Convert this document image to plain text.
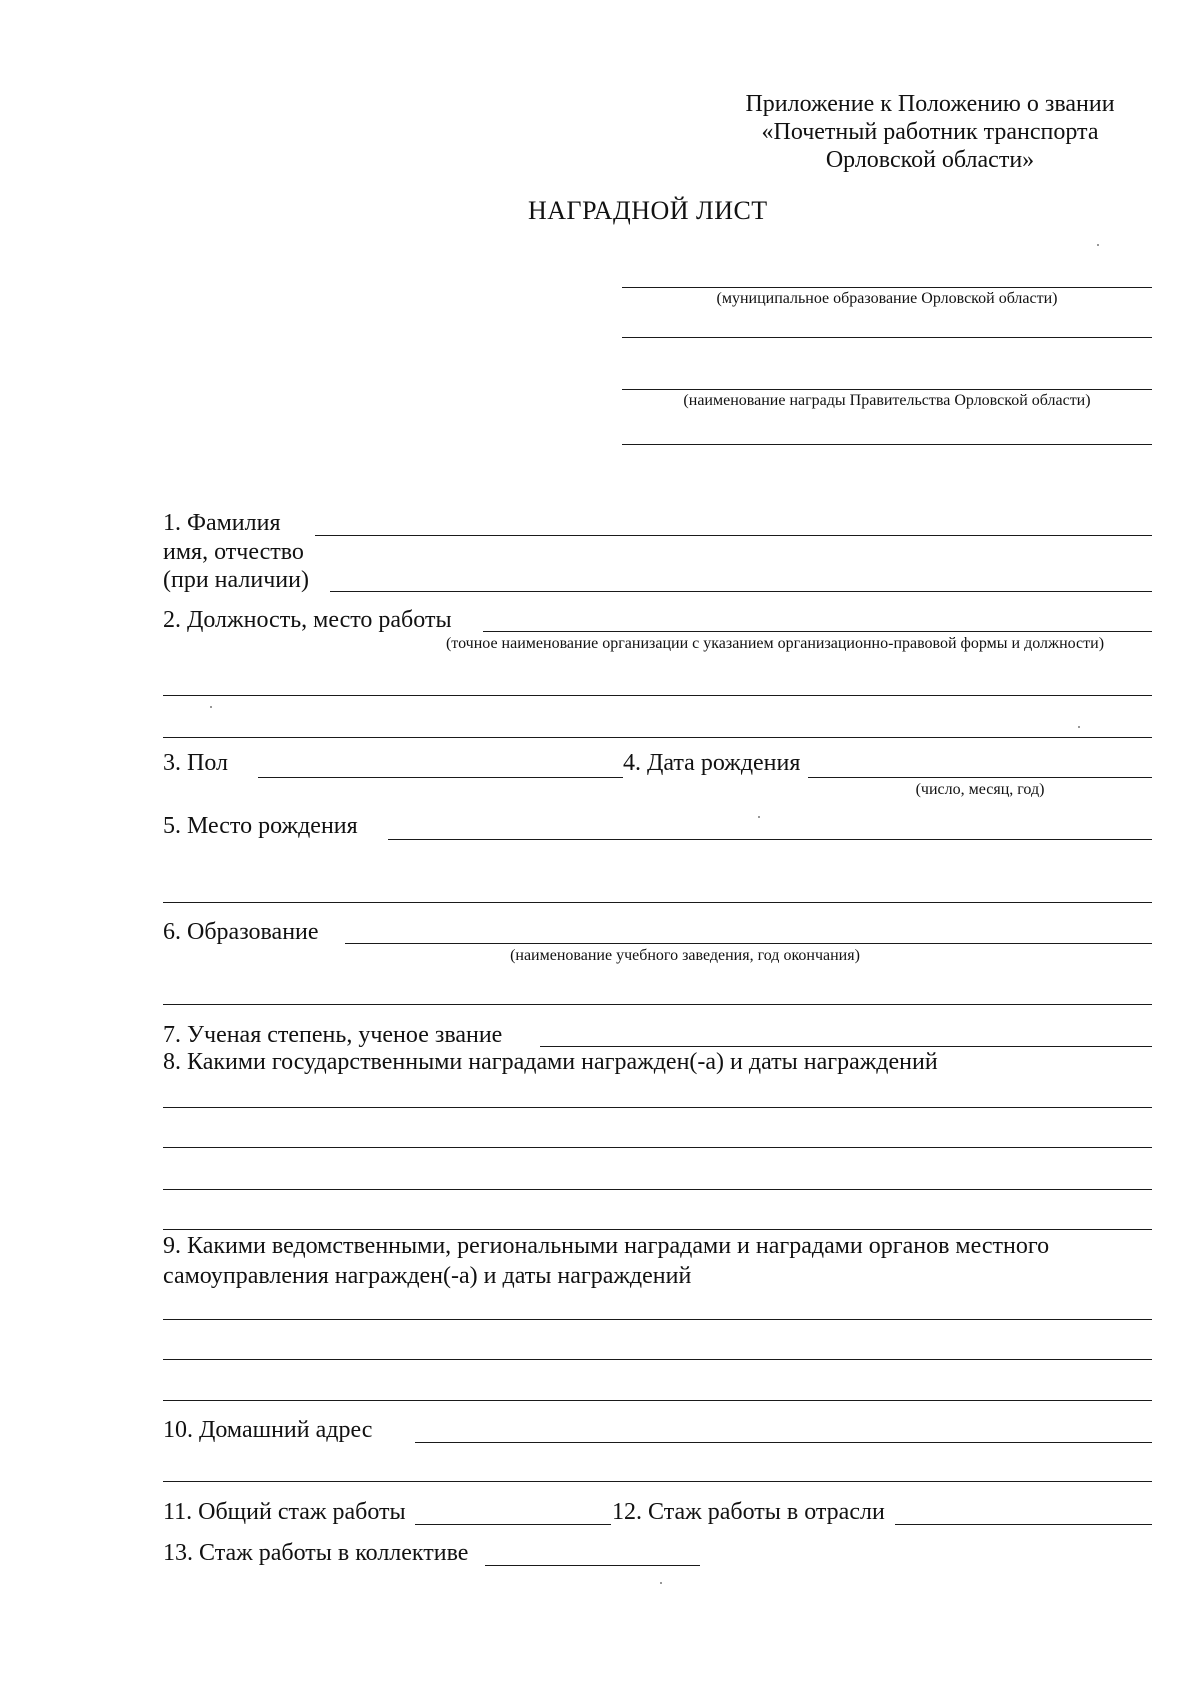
Приложение к Положению о звании
«Почетный работник транспорта
Орловской области»
НАГРАДНОЙ ЛИСТ
(муниципальное образование Орловской области)
(наименование награды Правительства Орловской области)
1. Фамилия
имя, отчество
(при наличии)
2. Должность, место работы
(точное наименование организации с указанием организационно-правовой формы и должности)
3. Пол	4. Дата рождения
(число, месяц, год)
5. Место рождения
6. Образование
(наименование учебного заведения, год окончания)
7. Ученая степень, ученое звание
8. Какими государственными наградами награжден(-а) и даты награждений
9. Какими ведомственными, региональными наградами и наградами органов местного
самоуправления награжден(-а) и даты награждений
10. Домашний адрес
11. Общий стаж работы	12. Стаж работы в отрасли
13. Стаж работы в коллективе
